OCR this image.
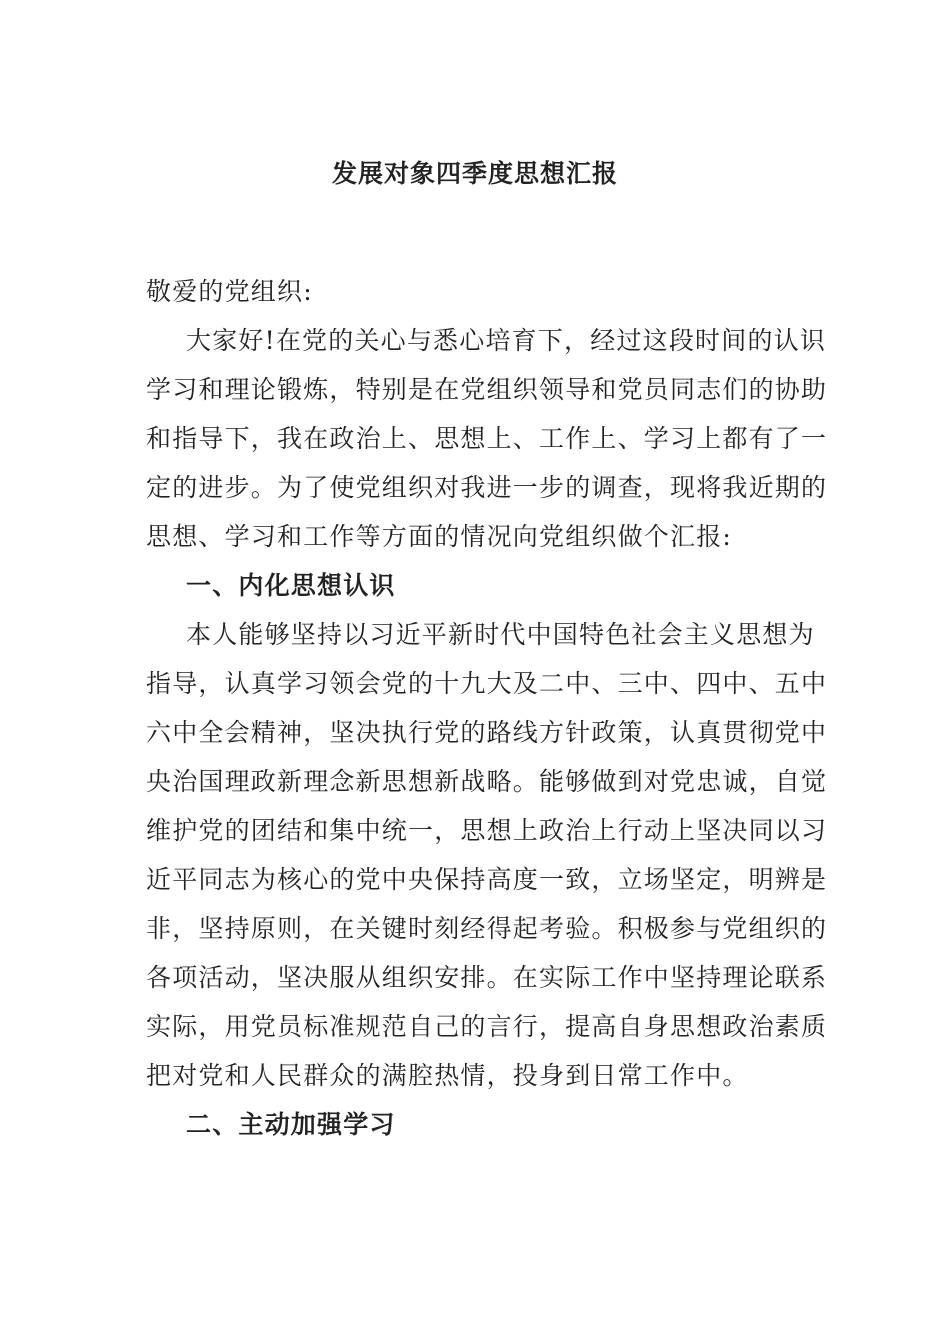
发展对象四季度思想汇报
敬爱的党组织:
大家好!在党的关心与悉心培育下，经过这段时间的认识
学习和理论锻炼，特别是在党组织领导和党员同志们的协助
和指导下，我在政治上、思想上、工作上、学习上都有了一
定的进步。为了使党组织对我进一步的调查，现将我近期的
思想、学习和工作等方面的情况向党组织做个汇报:
一、内化思想认识
本人能够坚持以习近平新时代中国特色社会主义思想为
指导，认真学习领会党的十九大及二中、三中、四中、五中
六中全会精神，坚决执行党的路线方针政策，认真贯彻党中
央治国理政新理念新思想新战略。能够做到对党忠诚，自觉
维护党的团结和集中统一，思想上政治上行动上坚决同以习
近平同志为核心的党中央保持高度一致，立场坚定，明辨是
非，坚持原则，在关键时刻经得起考验。积极参与党组织的
各项活动，坚决服从组织安排。在实际工作中坚持理论联系
实际，用党员标准规范自己的言行，提高自身思想政治素质
把对党和人民群众的满腔热情，投身到日常工作中。
二、主动加强学习
